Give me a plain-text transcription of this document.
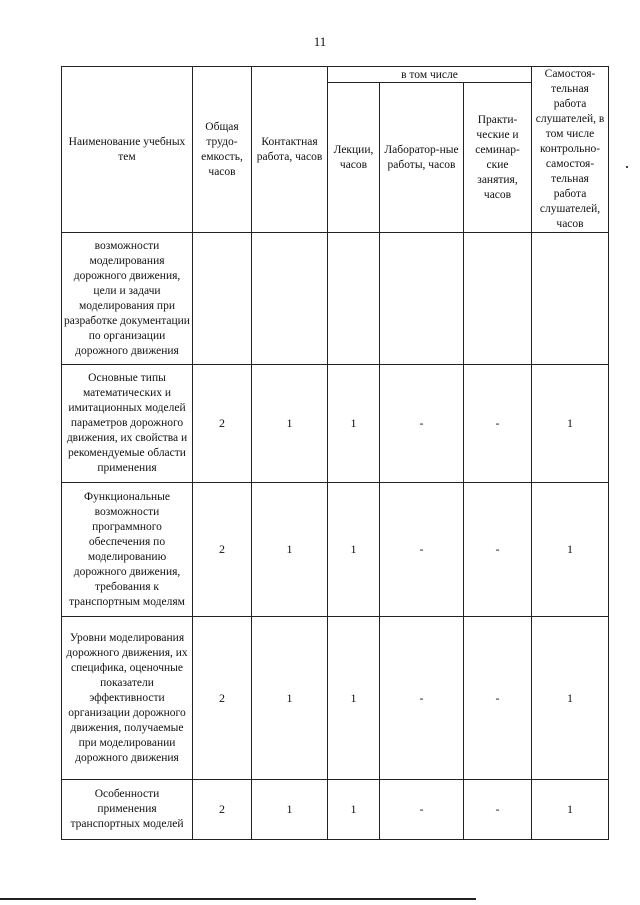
11
Наименование учебных тем	Общая трудо-емкость, часов	Контактная работа, часов	в том числе			Самостоя-тельная работа слушателей, в том числе контрольно-самостоя-тельная работа слушателей, часов
			Лекции, часов	Лаборатор-ные работы, часов	Практи-ческие и семинар-ские занятия, часов	
возможности моделирования дорожного движения, цели и задачи моделирования при разработке документации по организации дорожного движения						
Основные типы математических и имитационных моделей параметров дорожного движения, их свойства и рекомендуемые области применения	2	1	1	-	-	1
Функциональные возможности программного обеспечения по моделированию дорожного движения, требования к транспортным моделям	2	1	1	-	-	1
Уровни моделирования дорожного движения, их специфика, оценочные показатели эффективности организации дорожного движения, получаемые при моделировании дорожного движения	2	1	1	-	-	1
Особенности применения транспортных моделей	2	1	1	-	-	1
